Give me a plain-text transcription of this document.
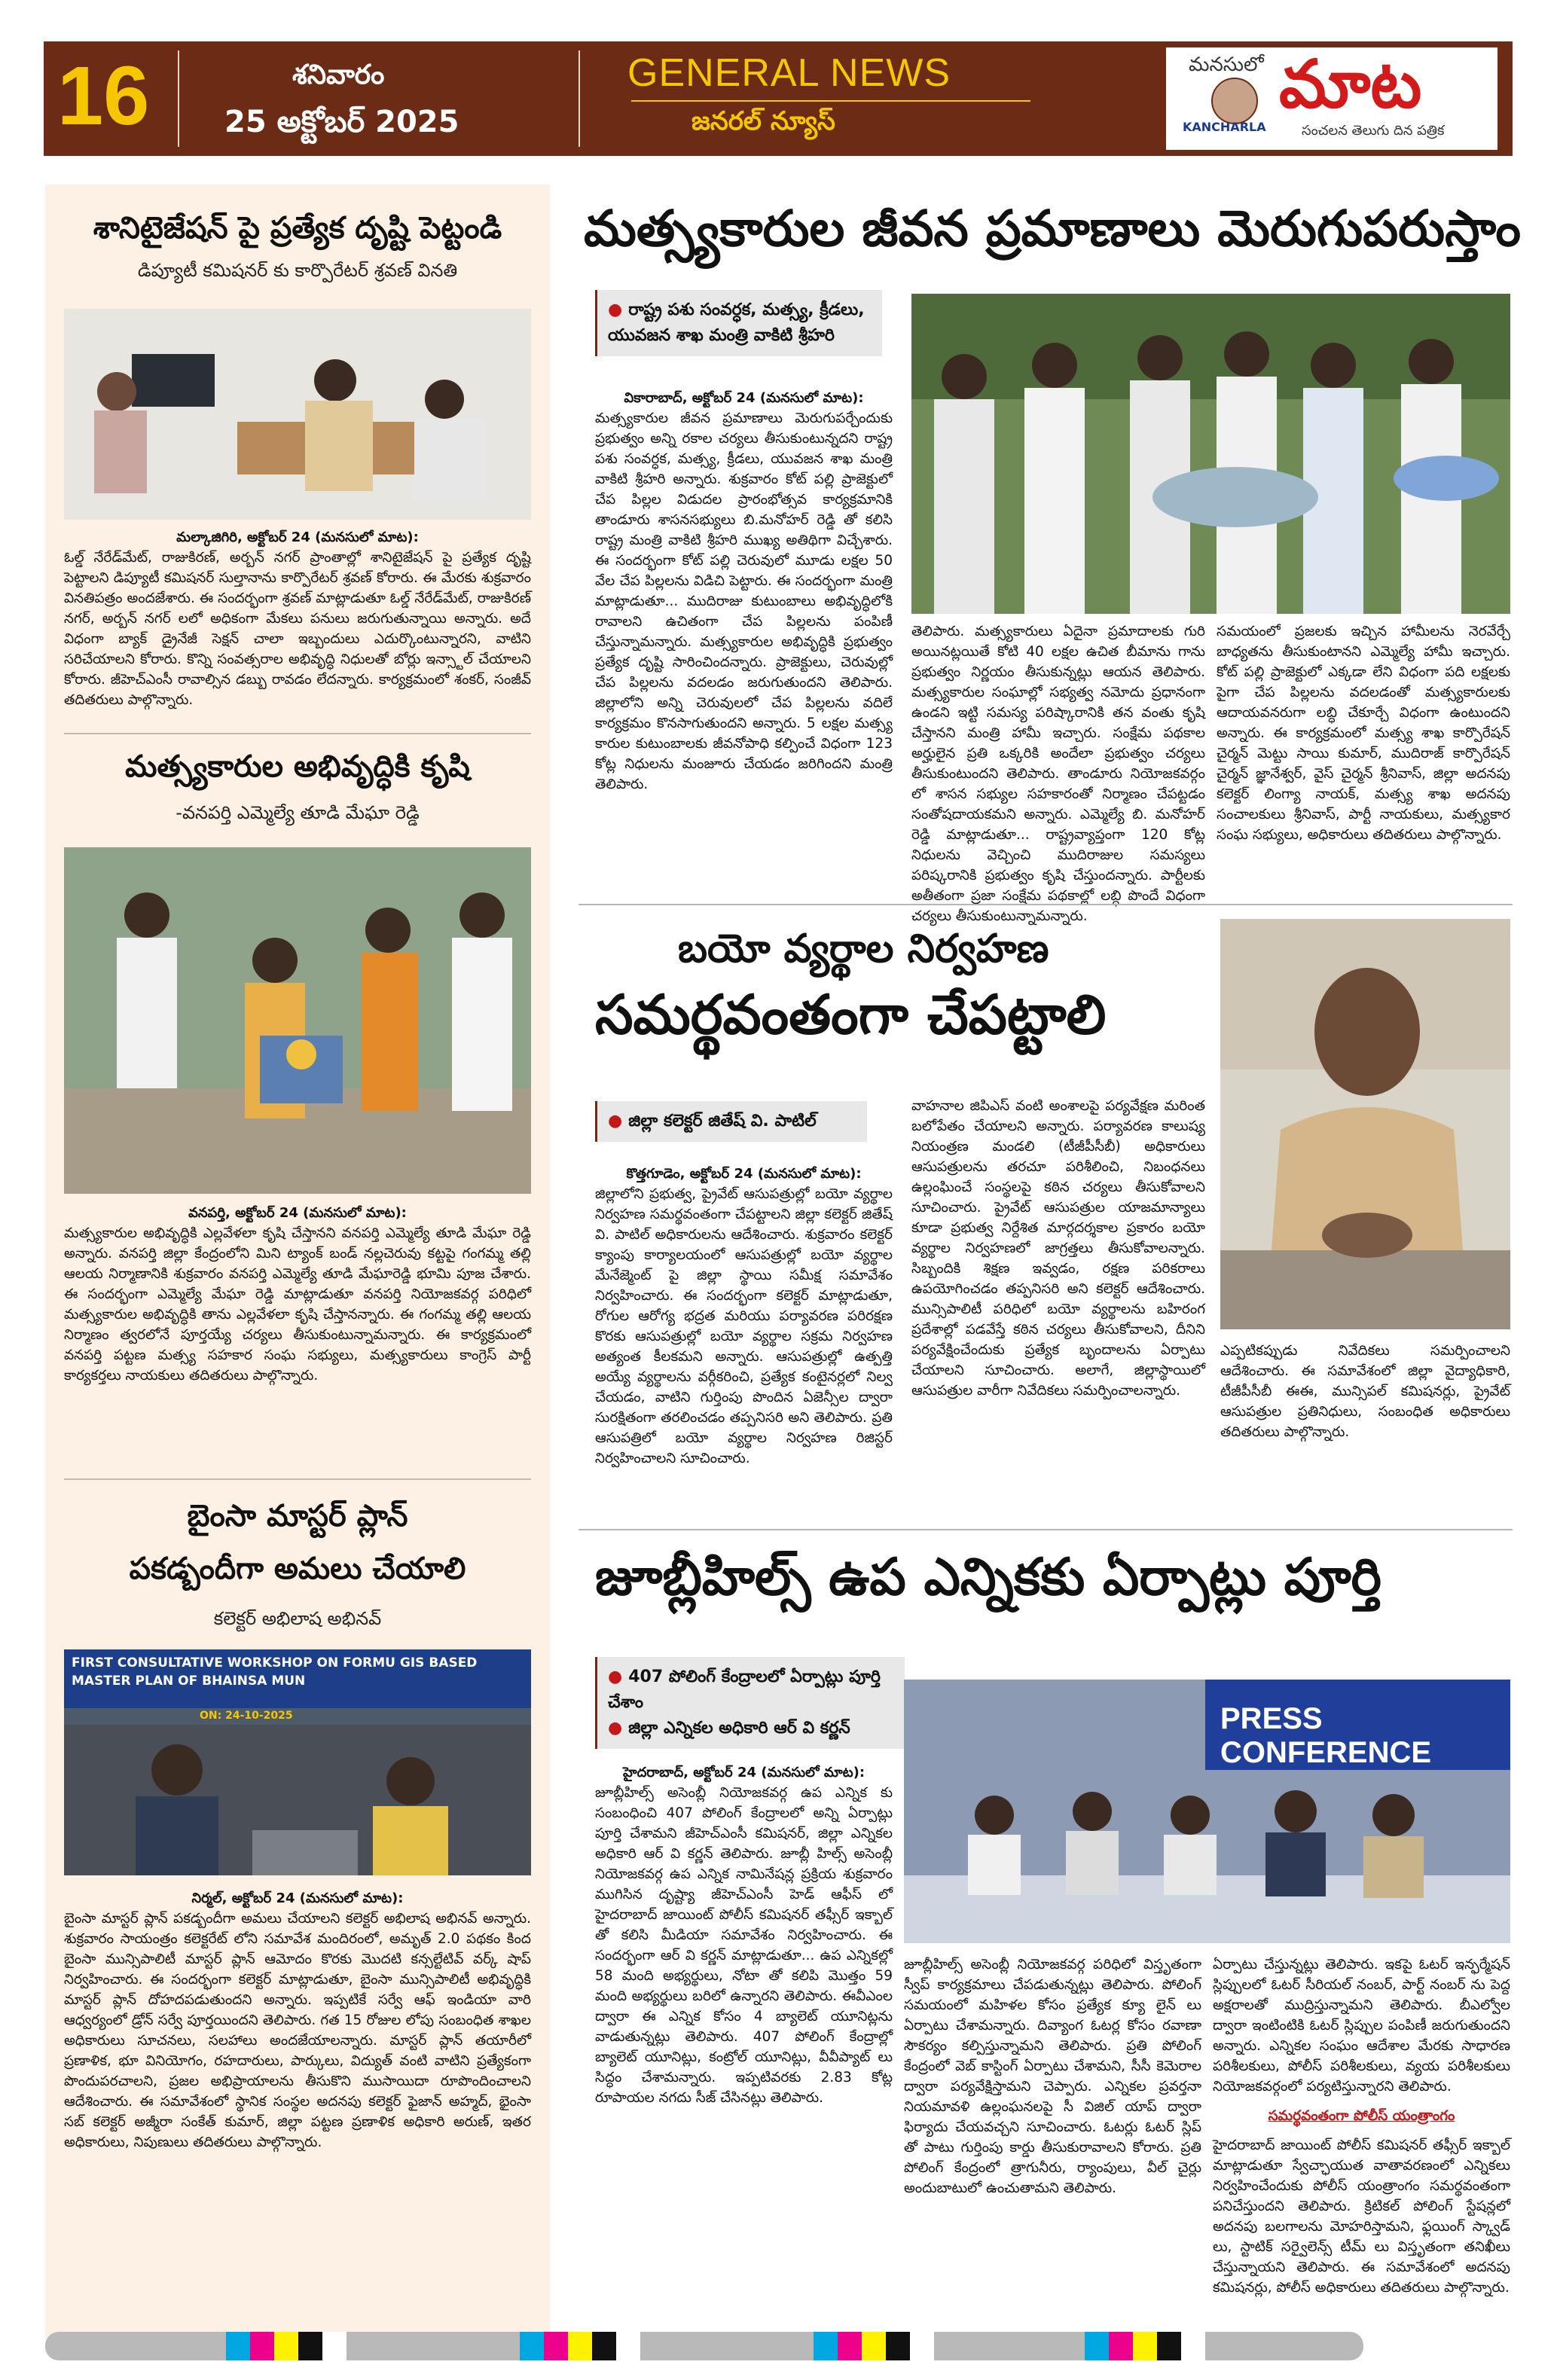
16	శనివారం
25 అక్టోబర్ 2025
GENERAL NEWS
జనరల్ న్యూస్
మనసులో మాట
KANCHARLA	సంచలన తెలుగు దిన పత్రిక
శానిటైజేషన్ పై ప్రత్యేక దృష్టి పెట్టండి
డిప్యూటీ కమిషనర్ కు కార్పొరేటర్ శ్రవణ్ వినతి
మల్కాజిగిరి, అక్టోబర్ 24 (మనసులో మాట):
ఓల్డ్ నేరేడ్‌మేట్, రాజుకిరణ్, అర్బన్ నగర్ ప్రాంతాల్లో శానిటైజేషన్ పై ప్రత్యేక దృష్టి పెట్టాలని డిప్యూటీ కమిషనర్ సుల్తానాను కార్పొరేటర్ శ్రవణ్ కోరారు. ఈ మేరకు శుక్రవారం వినతిపత్రం అందజేశారు. ఈ సందర్భంగా శ్రవణ్ మాట్లాడుతూ ఓల్డ్ నేరేడ్‌మేట్, రాజుకిరణ్ నగర్, అర్బన్ నగర్ లలో అధికంగా మేకలు పనులు జరుగుతున్నాయి అన్నారు. అదే విధంగా బ్యాక్ డ్రైనేజీ సెక్షన్ చాలా ఇబ్బందులు ఎదుర్కొంటున్నారని, వాటిని సరిచేయాలని కోరారు. కొన్ని సంవత్సరాల అభివృద్ధి నిధులతో బోర్లు ఇన్స్టాల్ చేయాలని కోరారు. జీహెచ్ఎంసీ రావాల్సిన డబ్బు రావడం లేదన్నారు. కార్యక్రమంలో శంకర్, సంజీవ్ తదితరులు పాల్గొన్నారు.
మత్స్యకారుల అభివృద్ధికి కృషి
-వనపర్తి ఎమ్మెల్యే తూడి మేఘా రెడ్డి
వనపర్తి, అక్టోబర్ 24 (మనసులో మాట):
మత్స్యకారుల అభివృద్ధికి ఎల్లవేళలా కృషి చేస్తానని వనపర్తి ఎమ్మెల్యే తూడి మేఘా రెడ్డి అన్నారు. వనపర్తి జిల్లా కేంద్రంలోని మిని ట్యాంక్ బండ్ నల్లచెరువు కట్టపై గంగమ్మ తల్లి ఆలయ నిర్మాణానికి శుక్రవారం వనపర్తి ఎమ్మెల్యే తూడి మేఘారెడ్డి భూమి పూజ చేశారు. ఈ సందర్భంగా ఎమ్మెల్యే మేఘా రెడ్డి మాట్లాడుతూ వనపర్తి నియోజకవర్గ పరిధిలో మత్స్యకారుల అభివృద్ధికి తాను ఎల్లవేళలా కృషి చేస్తానన్నారు. ఈ గంగమ్మ తల్లి ఆలయ నిర్మాణం త్వరలోనే పూర్తయ్యే చర్యలు తీసుకుంటున్నామన్నారు. ఈ కార్యక్రమంలో వనపర్తి పట్టణ మత్స్య సహకార సంఘ సభ్యులు, మత్స్యకారులు కాంగ్రెస్ పార్టీ కార్యకర్తలు నాయకులు తదితరులు పాల్గొన్నారు.
బైంసా మాస్టర్ ప్లాన్
పకడ్బందీగా అమలు చేయాలి
కలెక్టర్ అభిలాష అభినవ్
FIRST CONSULTATIVE WORKSHOP ON FORMU GIS BASED MASTER PLAN OF BHAINSA MUN
ON: 24-10-2025
నిర్మల్, అక్టోబర్ 24 (మనసులో మాట):
బైంసా మాస్టర్ ప్లాన్ పకడ్బందీగా అమలు చేయాలని కలెక్టర్ అభిలాష అభినవ్ అన్నారు. శుక్రవారం సాయంత్రం కలెక్టరేట్ లోని సమావేశ మందిరంలో, అమృత్ 2.0 పథకం కింద బైంసా మున్సిపాలిటీ మాస్టర్ ప్లాన్ ఆమోదం కొరకు మొదటి కన్సల్టేటివ్ వర్క్ షాప్ నిర్వహించారు. ఈ సందర్భంగా కలెక్టర్ మాట్లాడుతూ, బైంసా మున్సిపాలిటీ అభివృద్ధికి మాస్టర్ ప్లాన్ దోహదపడుతుందని అన్నారు. ఇప్పటికే సర్వే ఆఫ్ ఇండియా వారి ఆధ్వర్యంలో డ్రోన్ సర్వే పూర్తయిందని తెలిపారు. గత 15 రోజుల లోపు సంబంధిత శాఖల అధికారులు సూచనలు, సలహాలు అందజేయాలన్నారు. మాస్టర్ ప్లాన్ తయారీలో ప్రణాళిక, భూ వినియోగం, రహదారులు, పార్కులు, విద్యుత్ వంటి వాటిని ప్రత్యేకంగా పొందుపరచాలని, ప్రజల అభిప్రాయాలను తీసుకొని ముసాయిదా రూపొందించాలని ఆదేశించారు. ఈ సమావేశంలో స్థానిక సంస్థల అదనపు కలెక్టర్ ఫైజాన్ అహ్మద్, భైంసా సబ్ కలెక్టర్ అజ్మీరా సంకేత్ కుమార్, జిల్లా పట్టణ ప్రణాళిక అధికారి అరుణ్, ఇతర అధికారులు, నిపుణులు తదితరులు పాల్గొన్నారు.
మత్స్యకారుల జీవన ప్రమాణాలు మెరుగుపరుస్తాం
● రాష్ట్ర పశు సంవర్ధక, మత్స్య, క్రీడలు, యువజన శాఖ మంత్రి వాకిటి శ్రీహరి
వికారాబాద్, అక్టోబర్ 24 (మనసులో మాట):
మత్స్యకారుల జీవన ప్రమాణాలు మెరుగుపర్చేందుకు ప్రభుత్వం అన్ని రకాల చర్యలు తీసుకుంటున్నదని రాష్ట్ర పశు సంవర్ధక, మత్స్య, క్రీడలు, యువజన శాఖ మంత్రి వాకిటి శ్రీహరి అన్నారు. శుక్రవారం కోట్ పల్లి ప్రాజెక్టులో చేప పిల్లల విడుదల ప్రారంభోత్సవ కార్యక్రమానికి తాండూరు శాసనసభ్యులు బి.మనోహర్ రెడ్డి తో కలిసి రాష్ట్ర మంత్రి వాకిటి శ్రీహరి ముఖ్య అతిథిగా విచ్చేశారు. ఈ సందర్భంగా కోట్ పల్లి చెరువులో మూడు లక్షల 50 వేల చేప పిల్లలను విడిచి పెట్టారు. ఈ సందర్భంగా మంత్రి మాట్లాడుతూ... ముదిరాజు కుటుంబాలు అభివృద్ధిలోకి రావాలని ఉచితంగా చేప పిల్లలను పంపిణీ చేస్తున్నామన్నారు. మత్స్యకారుల అభివృద్ధికి ప్రభుత్వం ప్రత్యేక దృష్టి సారించిందన్నారు. ప్రాజెక్టులు, చెరువుల్లో చేప పిల్లలను వదలడం జరుగుతుందని తెలిపారు. జిల్లాలోని అన్ని చెరువులలో చేప పిల్లలను వదిలే కార్యక్రమం కొనసాగుతుందని అన్నారు. 5 లక్షల మత్స్య కారుల కుటుంబాలకు జీవనోపాధి కల్పించే విధంగా 123 కోట్ల నిధులను మంజూరు చేయడం జరిగిందని మంత్రి తెలిపారు.
తెలిపారు. మత్స్యకారులు ఏదైనా ప్రమాదాలకు గురి అయినట్లయితే కోటి 40 లక్షల ఉచిత బీమాను గాను ప్రభుత్వం నిర్ణయం తీసుకున్నట్లు ఆయన తెలిపారు. మత్స్యకారుల సంఘాల్లో సభ్యత్వ నమోదు ప్రధానంగా ఉండని ఇట్టి సమస్య పరిష్కారానికి తన వంతు కృషి చేస్తానని మంత్రి హామీ ఇచ్చారు. సంక్షేమ పథకాల అర్హులైన ప్రతి ఒక్కరికి అందేలా ప్రభుత్వం చర్యలు తీసుకుంటుందని తెలిపారు. తాండూరు నియోజకవర్గం లో శాసన సభ్యుల సహకారంతో నిర్మాణం చేపట్టడం సంతోషదాయకమని అన్నారు. ఎమ్మెల్యే బి. మనోహర్ రెడ్డి మాట్లాడుతూ... రాష్ట్రవ్యాప్తంగా 120 కోట్ల నిధులను వెచ్చించి ముదిరాజుల సమస్యలు పరిష్కరానికి ప్రభుత్వం కృషి చేస్తుందన్నారు. పార్టీలకు అతీతంగా ప్రజా సంక్షేమ పథకాల్లో లబ్ధి పొందే విధంగా చర్యలు తీసుకుంటున్నామన్నారు.
సమయంలో ప్రజలకు ఇచ్చిన హామీలను నెరవేర్చే బాధ్యతను తీసుకుంటానని ఎమ్మెల్యే హామీ ఇచ్చారు. కోట్ పల్లి ప్రాజెక్టులో ఎక్కడా లేని విధంగా పది లక్షలకు పైగా చేప పిల్లలను వదలడంతో మత్స్యకారులకు ఆదాయవనరుగా లబ్ధి చేకూర్చే విధంగా ఉంటుందని అన్నారు. ఈ కార్యక్రమంలో మత్స్య శాఖ కార్పొరేషన్ చైర్మన్ మెట్టు సాయి కుమార్, ముదిరాజ్ కార్పొరేషన్ చైర్మన్ జ్ఞానేశ్వర్, వైస్ చైర్మన్ శ్రీనివాస్, జిల్లా అదనపు కలెక్టర్ లింగ్యా నాయక్, మత్స్య శాఖ అదనపు సంచాలకులు శ్రీనివాస్, పార్టీ నాయకులు, మత్స్యకార సంఘ సభ్యులు, అధికారులు తదితరులు పాల్గొన్నారు.
బయో వ్యర్థాల నిర్వహణ
సమర్థవంతంగా చేపట్టాలి
● జిల్లా కలెక్టర్ జితేష్ వి. పాటిల్
కొత్తగూడెం, అక్టోబర్ 24 (మనసులో మాట):
జిల్లాలోని ప్రభుత్వ, ప్రైవేట్ ఆసుపత్రుల్లో బయో వ్యర్థాల నిర్వహణ సమర్థవంతంగా చేపట్టాలని జిల్లా కలెక్టర్ జితేష్ వి. పాటిల్ అధికారులను ఆదేశించారు. శుక్రవారం కలెక్టర్ క్యాంపు కార్యాలయంలో ఆసుపత్రుల్లో బయో వ్యర్థాల మేనేజ్మెంట్ పై జిల్లా స్థాయి సమీక్ష సమావేశం నిర్వహించారు. ఈ సందర్భంగా కలెక్టర్ మాట్లాడుతూ, రోగుల ఆరోగ్య భద్రత మరియు పర్యావరణ పరిరక్షణ కొరకు ఆసుపత్రుల్లో బయో వ్యర్థాల సక్రమ నిర్వహణ అత్యంత కీలకమని అన్నారు. ఆసుపత్రుల్లో ఉత్పత్తి అయ్యే వ్యర్థాలను వర్గీకరించి, ప్రత్యేక కంటైనర్లలో నిల్వ చేయడం, వాటిని గుర్తింపు పొందిన ఏజెన్సీల ద్వారా సురక్షితంగా తరలించడం తప్పనిసరి అని తెలిపారు. ప్రతి ఆసుపత్రిలో బయో వ్యర్థాల నిర్వహణ రిజిస్టర్ నిర్వహించాలని సూచించారు.
వాహనాల జిపిఎస్ వంటి అంశాలపై పర్యవేక్షణ మరింత బలోపేతం చేయాలని అన్నారు. పర్యావరణ కాలుష్య నియంత్రణ మండలి (టీజీపీసీబీ) అధికారులు ఆసుపత్రులను తరచూ పరిశీలించి, నిబంధనలు ఉల్లంఘించే సంస్థలపై కఠిన చర్యలు తీసుకోవాలని సూచించారు. ప్రైవేట్ ఆసుపత్రుల యాజమాన్యాలు కూడా ప్రభుత్వ నిర్దేశిత మార్గదర్శకాల ప్రకారం బయో వ్యర్థాల నిర్వహణలో జాగ్రత్తలు తీసుకోవాలన్నారు. సిబ్బందికి శిక్షణ ఇవ్వడం, రక్షణ పరికరాలు ఉపయోగించడం తప్పనిసరి అని కలెక్టర్ ఆదేశించారు. మున్సిపాలిటీ పరిధిలో బయో వ్యర్థాలను బహిరంగ ప్రదేశాల్లో పడవేస్తే కఠిన చర్యలు తీసుకోవాలని, దీనిని పర్యవేక్షించేందుకు ప్రత్యేక బృందాలను ఏర్పాటు చేయాలని సూచించారు. అలాగే, జిల్లాస్థాయిలో ఆసుపత్రుల వారీగా నివేదికలు సమర్పించాలన్నారు.
ఎప్పటికప్పుడు నివేదికలు సమర్పించాలని ఆదేశించారు. ఈ సమావేశంలో జిల్లా వైద్యాధికారి, టీజీపీసీబీ ఈఈ, మున్సిపల్ కమిషనర్లు, ప్రైవేట్ ఆసుపత్రుల ప్రతినిధులు, సంబంధిత అధికారులు తదితరులు పాల్గొన్నారు.
జూబ్లీహిల్స్ ఉప ఎన్నికకు ఏర్పాట్లు పూర్తి
● 407 పోలింగ్ కేంద్రాలలో ఏర్పాట్లు పూర్తి చేశాం
● జిల్లా ఎన్నికల అధికారి ఆర్ వి కర్ణన్
హైదరాబాద్, అక్టోబర్ 24 (మనసులో మాట):
జూబ్లీహిల్స్ అసెంబ్లీ నియోజకవర్గ ఉప ఎన్నిక కు సంబంధించి 407 పోలింగ్ కేంద్రాలలో అన్ని ఏర్పాట్లు పూర్తి చేశామని జీహెచ్ఎంసీ కమిషనర్, జిల్లా ఎన్నికల అధికారి ఆర్ వి కర్ణన్ తెలిపారు. జూబ్లీ హిల్స్ అసెంబ్లీ నియోజకవర్గ ఉప ఎన్నిక నామినేషన్ల ప్రక్రియ శుక్రవారం ముగిసిన దృష్ట్యా జీహెచ్ఎంసీ హెడ్ ఆఫీస్ లో హైదరాబాద్ జాయింట్ పోలీస్ కమిషనర్ తఫ్సీర్ ఇక్బాల్ తో కలిసి మీడియా సమావేశం నిర్వహించారు. ఈ సందర్భంగా ఆర్ వి కర్ణన్ మాట్లాడుతూ... ఉప ఎన్నికల్లో 58 మంది అభ్యర్థులు, నోటా తో కలిపి మొత్తం 59 మంది అభ్యర్థులు బరిలో ఉన్నారని తెలిపారు. ఈవీఎంల ద్వారా ఈ ఎన్నిక కోసం 4 బ్యాలెట్ యూనిట్లను వాడుతున్నట్లు తెలిపారు. 407 పోలింగ్ కేంద్రాల్లో బ్యాలెట్ యూనిట్లు, కంట్రోల్ యూనిట్లు, వీవీప్యాట్ లు సిద్ధం చేశామన్నారు. ఇప్పటివరకు 2.83 కోట్ల రూపాయల నగదు సీజ్ చేసినట్లు తెలిపారు.
PRESS CONFERENCE
జూబ్లీహిల్స్ అసెంబ్లీ నియోజకవర్గ పరిధిలో విస్తృతంగా స్వీప్ కార్యక్రమాలు చేపడుతున్నట్లు తెలిపారు. పోలింగ్ సమయంలో మహిళల కోసం ప్రత్యేక క్యూ లైన్ లు ఏర్పాటు చేశామన్నారు. దివ్యాంగ ఓటర్ల కోసం రవాణా సౌకర్యం కల్పిస్తున్నామని తెలిపారు. ప్రతి పోలింగ్ కేంద్రంలో వెబ్ కాస్టింగ్ ఏర్పాటు చేశామని, సీసీ కెమెరాల ద్వారా పర్యవేక్షిస్తామని చెప్పారు. ఎన్నికల ప్రవర్తనా నియమావళి ఉల్లంఘనలపై సీ విజిల్ యాప్ ద్వారా ఫిర్యాదు చేయవచ్చని సూచించారు. ఓటర్లు ఓటర్ స్లిప్ తో పాటు గుర్తింపు కార్డు తీసుకురావాలని కోరారు. ప్రతి పోలింగ్ కేంద్రంలో త్రాగునీరు, ర్యాంపులు, వీల్ చైర్లు అందుబాటులో ఉంచుతామని తెలిపారు.
ఏర్పాటు చేస్తున్నట్లు తెలిపారు. ఇకపై ఓటర్ ఇన్ఫర్మేషన్ స్లిప్పులలో ఓటర్ సీరియల్ నంబర్, పార్ట్ నంబర్ ను పెద్ద అక్షరాలతో ముద్రిస్తున్నామని తెలిపారు. బీఎల్వోల ద్వారా ఇంటింటికి ఓటర్ స్లిప్పుల పంపిణీ జరుగుతుందని అన్నారు. ఎన్నికల సంఘం ఆదేశాల మేరకు సాధారణ పరిశీలకులు, పోలీస్ పరిశీలకులు, వ్యయ పరిశీలకులు నియోజకవర్గంలో పర్యటిస్తున్నారని తెలిపారు.
సమర్థవంతంగా పోలీస్ యంత్రాంగం
హైదరాబాద్ జాయింట్ పోలీస్ కమిషనర్ తఫ్సీర్ ఇక్బాల్ మాట్లాడుతూ స్వేచ్ఛాయుత వాతావరణంలో ఎన్నికలు నిర్వహించేందుకు పోలీస్ యంత్రాంగం సమర్థవంతంగా పనిచేస్తుందని తెలిపారు. క్రిటికల్ పోలింగ్ స్టేషన్లలో అదనపు బలగాలను మోహరిస్తామని, ఫ్లయింగ్ స్క్వాడ్ లు, స్టాటిక్ సర్వైలెన్స్ టీమ్ లు విస్తృతంగా తనిఖీలు చేస్తున్నాయని తెలిపారు. ఈ సమావేశంలో అదనపు కమిషనర్లు, పోలీస్ అధికారులు తదితరులు పాల్గొన్నారు.
